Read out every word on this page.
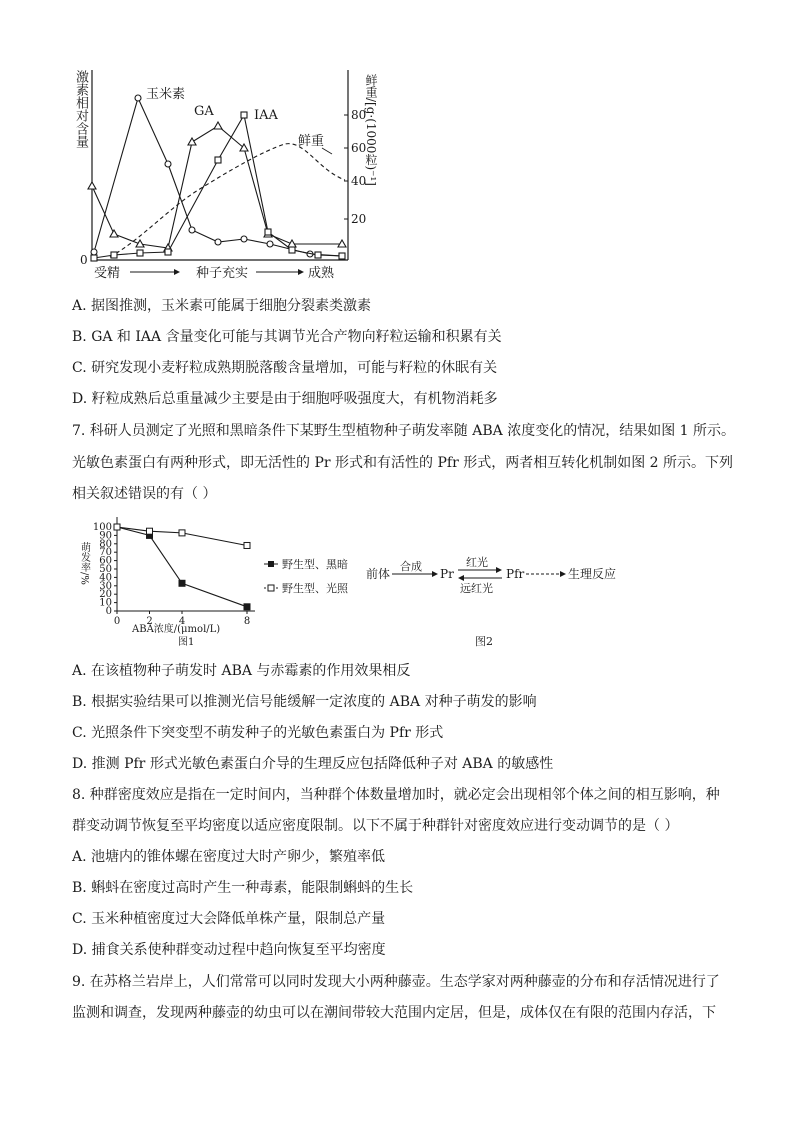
80
60
40
20
0
玉米素
GA	IAA
鲜重
受精	种子充实	成熟
激素相对含量	鲜重/[g·(1000粒)⁻¹]
A. 据图推测，玉米素可能属于细胞分裂素类激素
B. GA 和 IAA 含量变化可能与其调节光合产物向籽粒运输和积累有关
C. 研究发现小麦籽粒成熟期脱落酸含量增加，可能与籽粒的休眠有关
D. 籽粒成熟后总重量减少主要是由于细胞呼吸强度大，有机物消耗多
7. 科研人员测定了光照和黑暗条件下某野生型植物种子萌发率随 ABA 浓度变化的情况，结果如图 1 所示。
光敏色素蛋白有两种形式，即无活性的 Pr 形式和有活性的 Pfr 形式，两者相互转化机制如图 2 所示。下列
相关叙述错误的有（ ）
0
10
20
30
40
50
60
70
80
90
100
0	2	4	8
萌发率/%
ABA浓度/(μmol/L)
图1
野生型、黑暗
野生型、光照
前体
合成
Pr
红光
远红光
Pfr	生理反应
图2
A. 在该植物种子萌发时 ABA 与赤霉素的作用效果相反
B. 根据实验结果可以推测光信号能缓解一定浓度的 ABA 对种子萌发的影响
C. 光照条件下突变型不萌发种子的光敏色素蛋白为 Pfr 形式
D. 推测 Pfr 形式光敏色素蛋白介导的生理反应包括降低种子对 ABA 的敏感性
8. 种群密度效应是指在一定时间内，当种群个体数量增加时，就必定会出现相邻个体之间的相互影响，种
群变动调节恢复至平均密度以适应密度限制。以下不属于种群针对密度效应进行变动调节的是（ ）
A. 池塘内的锥体螺在密度过大时产卵少，繁殖率低
B. 蝌蚪在密度过高时产生一种毒素，能限制蝌蚪的生长
C. 玉米种植密度过大会降低单株产量，限制总产量
D. 捕食关系使种群变动过程中趋向恢复至平均密度
9. 在苏格兰岩岸上，人们常常可以同时发现大小两种藤壶。生态学家对两种藤壶的分布和存活情况进行了
监测和调查，发现两种藤壶的幼虫可以在潮间带较大范围内定居，但是，成体仅在有限的范围内存活，下
